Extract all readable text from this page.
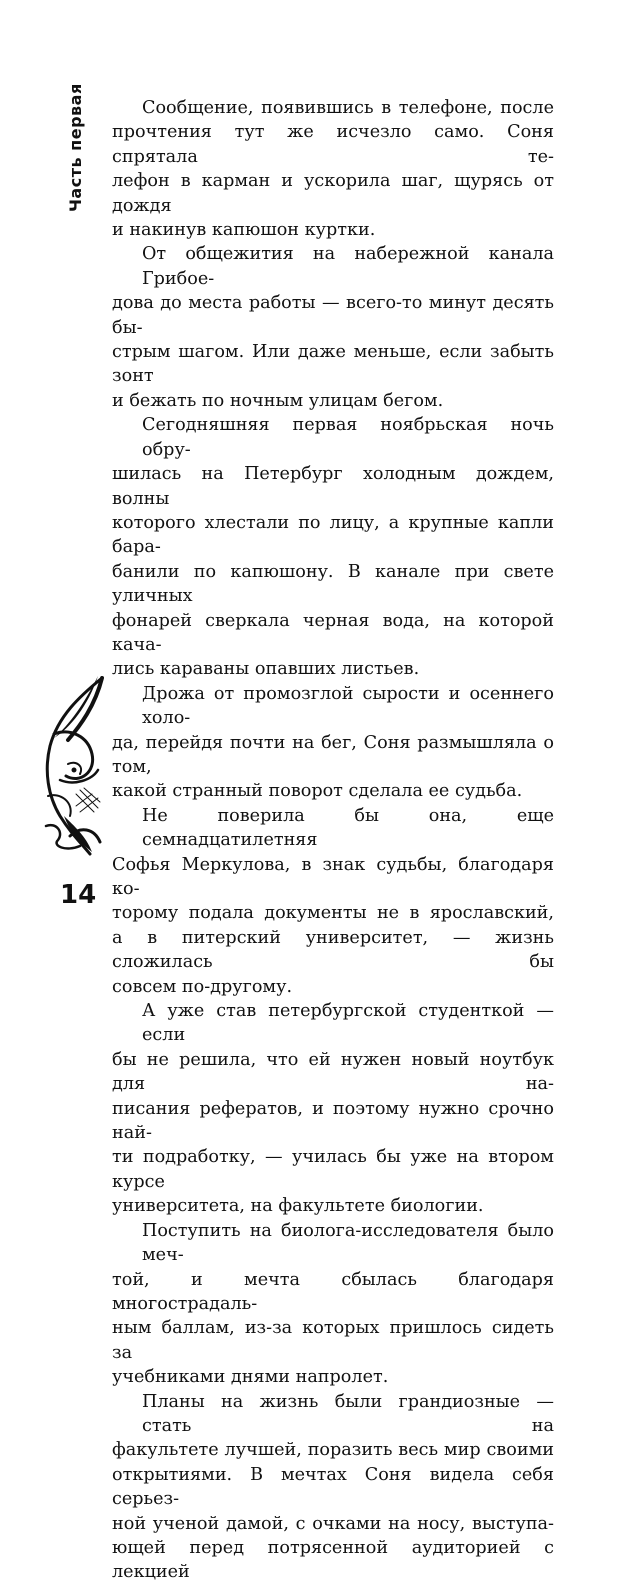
Часть первая
14
Сообщение, появившись в телефоне, после
прочтения тут же исчезло само. Соня спрятала те-
лефон в карман и ускорила шаг, щурясь от дождя
и накинув капюшон куртки.
От общежития на набережной канала Грибое-
дова до места работы — всего-то минут десять бы-
стрым шагом. Или даже меньше, если забыть зонт
и бежать по ночным улицам бегом.
Сегодняшняя первая ноябрьская ночь обру-
шилась на Петербург холодным дождем, волны
которого хлестали по лицу, а крупные капли бара-
банили по капюшону. В канале при свете уличных
фонарей сверкала черная вода, на которой кача-
лись караваны опавших листьев.
Дрожа от промозглой сырости и осеннего холо-
да, перейдя почти на бег, Соня размышляла о том,
какой странный поворот сделала ее судьба.
Не поверила бы она, еще семнадцатилетняя
Софья Меркулова, в знак судьбы, благодаря ко-
торому подала документы не в ярославский,
а в питерский университет, — жизнь сложилась бы
совсем по-другому.
А уже став петербургской студенткой — если
бы не решила, что ей нужен новый ноутбук для на-
писания рефератов, и поэтому нужно срочно най-
ти подработку, — училась бы уже на втором курсе
университета, на факультете биологии.
Поступить на биолога-исследователя было меч-
той, и мечта сбылась благодаря многострадаль-
ным баллам, из-за которых пришлось сидеть за
учебниками днями напролет.
Планы на жизнь были грандиозные — стать на
факультете лучшей, поразить весь мир своими
открытиями. В мечтах Соня видела себя серьез-
ной ученой дамой, с очками на носу, выступа-
ющей перед потрясенной аудиторией с лекцией
